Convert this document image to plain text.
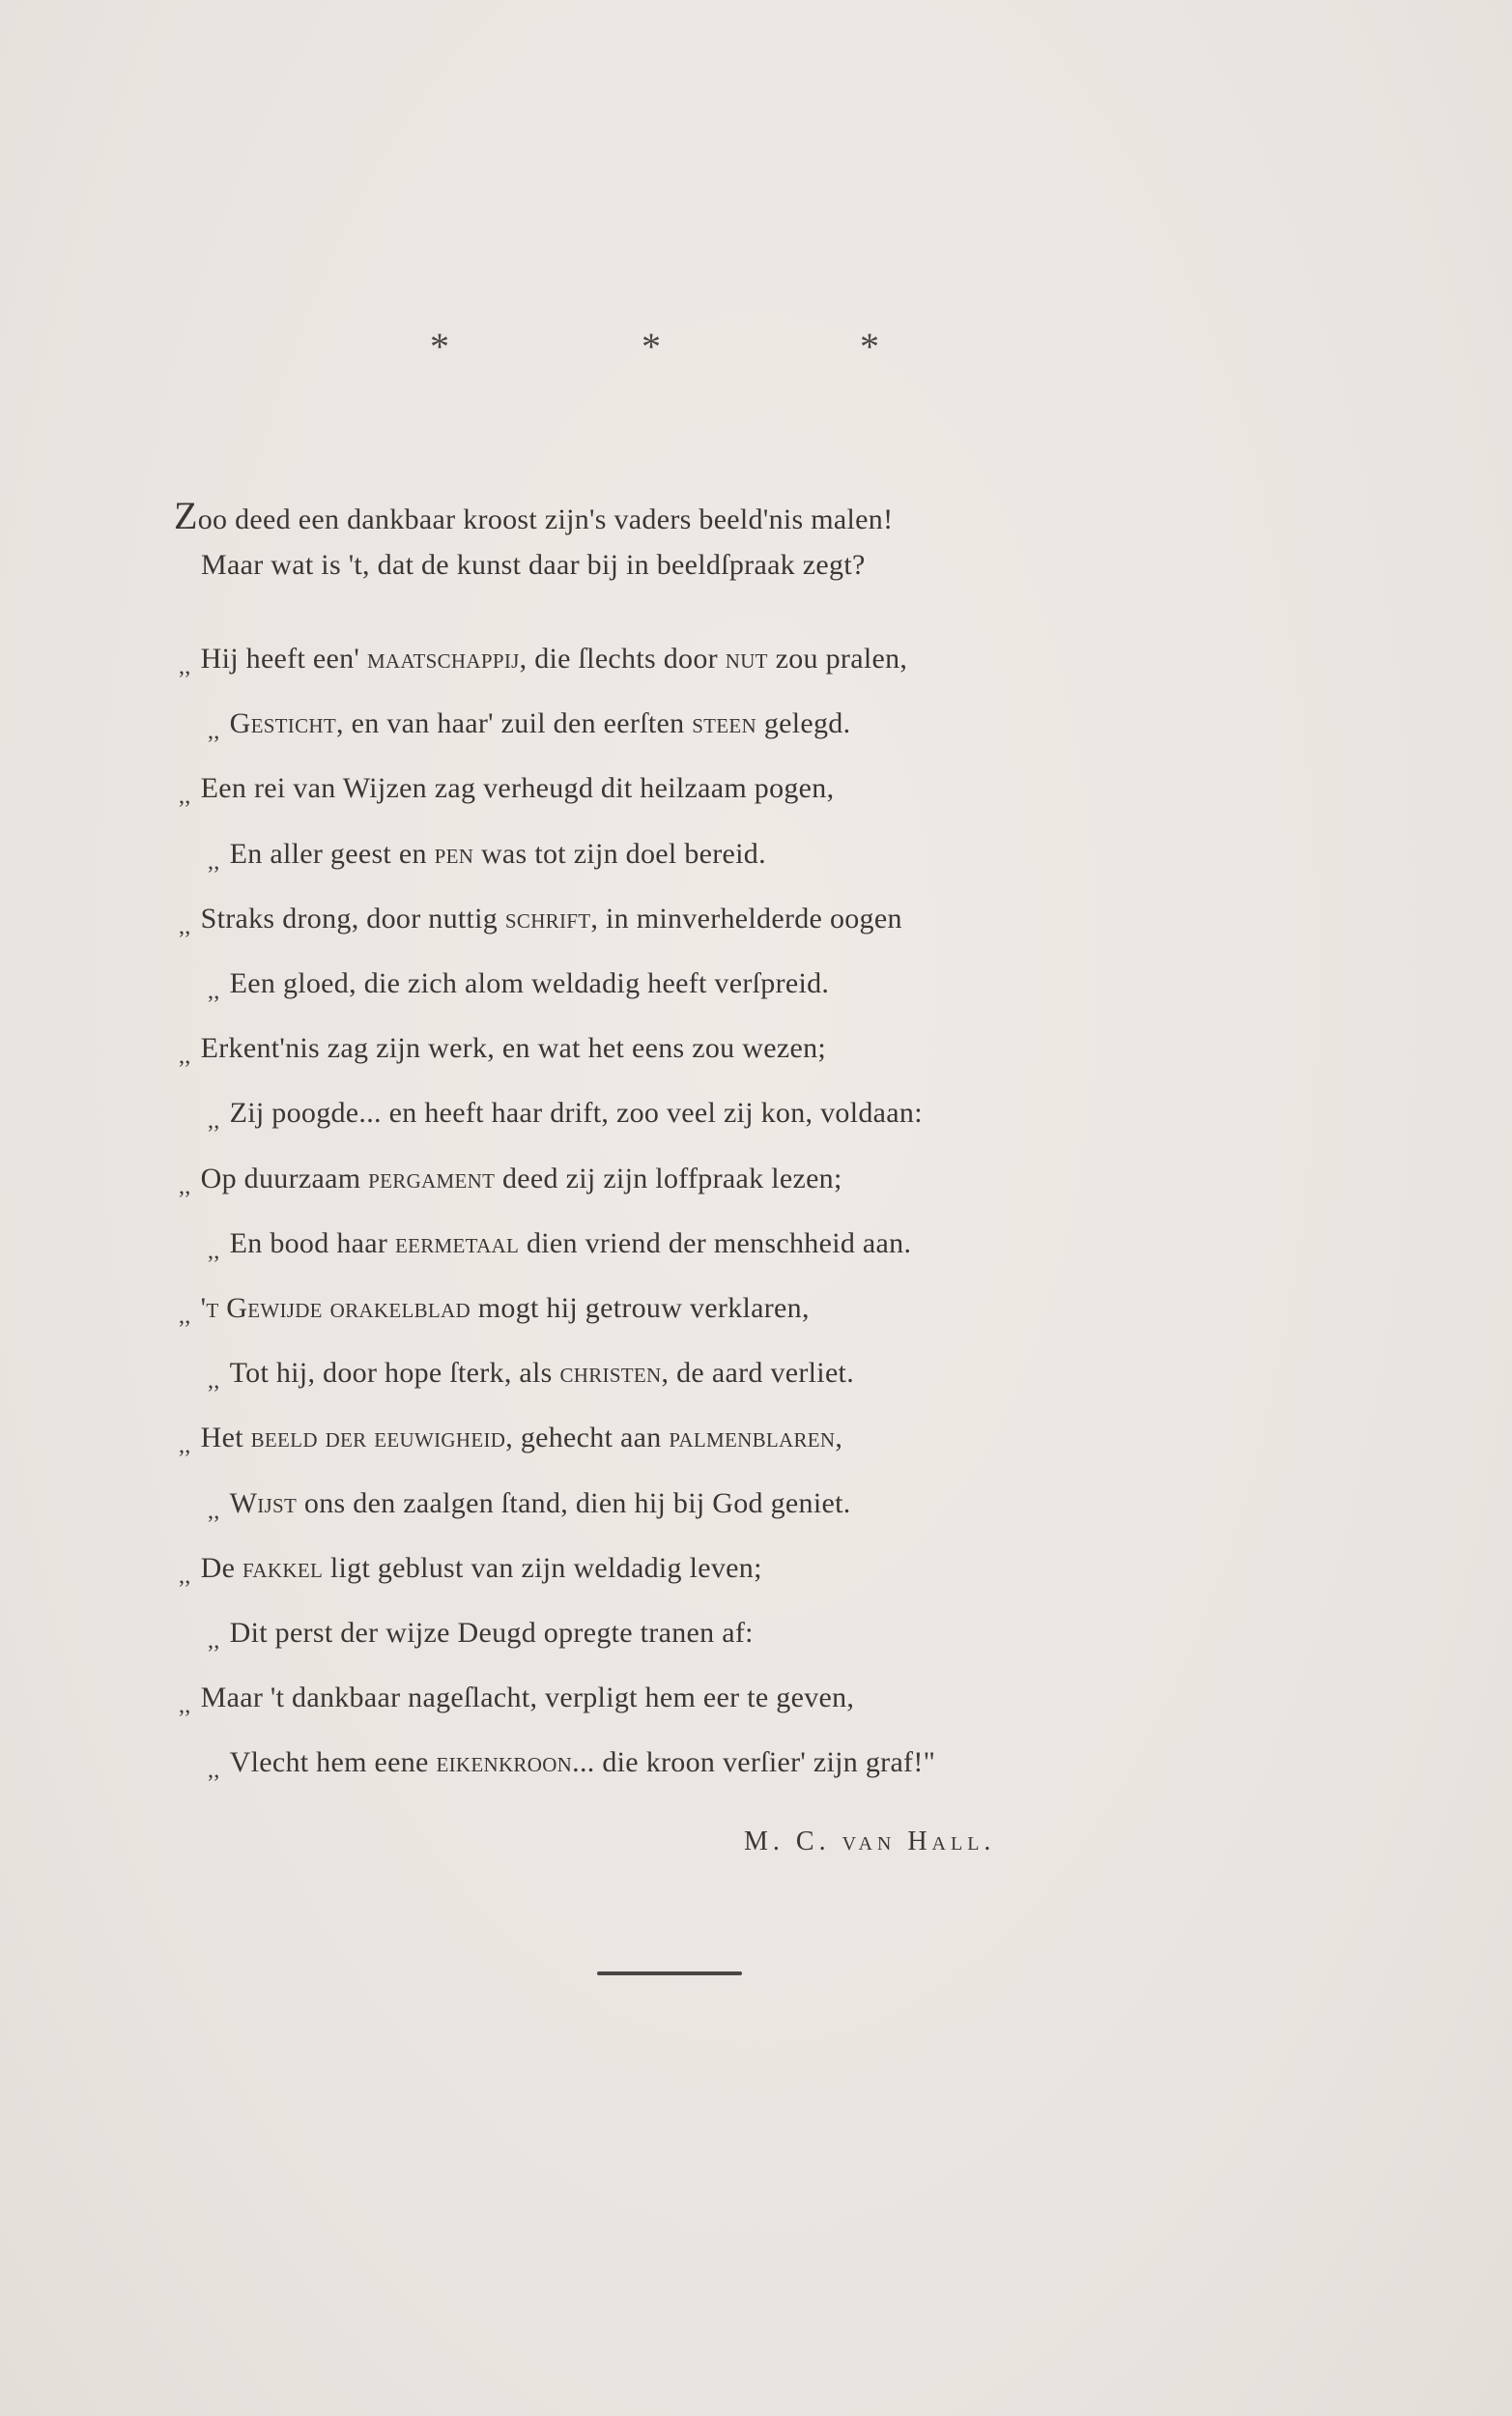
*	*	*
Zoo deed een dankbaar kroost zijn's vaders beeld'nis malen!
Maar wat is 't, dat de kunst daar bij in beeldſpraak zegt?
$_{,,}$ Hij heeft een' maatschappij, die ſlechts door nut zou pralen,
$_{,,}$ Gesticht, en van haar' zuil den eerſten steen gelegd.
$_{,,}$ Een rei van Wijzen zag verheugd dit heilzaam pogen,
$_{,,}$ En aller geest en pen was tot zijn doel bereid.
$_{,,}$ Straks drong, door nuttig schrift, in minverhelderde oogen
$_{,,}$ Een gloed, die zich alom weldadig heeft verſpreid.
$_{,,}$ Erkent'nis zag zijn werk, en wat het eens zou wezen;
$_{,,}$ Zij poogde... en heeft haar drift, zoo veel zij kon, voldaan:
$_{,,}$ Op duurzaam pergament deed zij zijn loffpraak lezen;
$_{,,}$ En bood haar eermetaal dien vriend der menschheid aan.
$_{,,}$ 't Gewijde orakelblad mogt hij getrouw verklaren,
$_{,,}$ Tot hij, door hope ſterk, als christen, de aard verliet.
$_{,,}$ Het beeld der eeuwigheid, gehecht aan palmenblaren,
$_{,,}$ Wijst ons den zaalgen ſtand, dien hij bij God geniet.
$_{,,}$ De fakkel ligt geblust van zijn weldadig leven;
$_{,,}$ Dit perst der wijze Deugd opregte tranen af:
$_{,,}$ Maar 't dankbaar nageſlacht, verpligt hem eer te geven,
$_{,,}$ Vlecht hem eene eikenkroon... die kroon verſier' zijn graf!"
M. C. van Hall.
